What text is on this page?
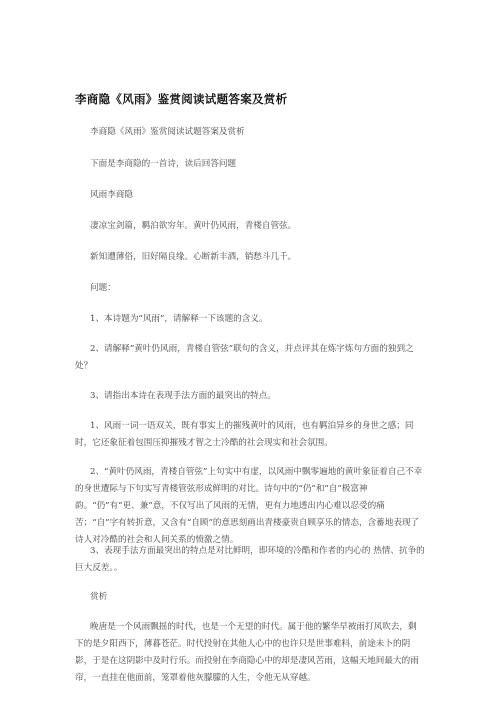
李商隐《风雨》鉴赏阅读试题答案及赏析

李商隐《风雨》鉴赏阅读试题答案及赏析

下面是李商隐的一首诗，读后回答问题

风雨李商隐

凄凉宝剑篇，羁泊欲穷年。黄叶仍风雨，青楼自管弦。

新知遭薄俗，旧好隔良缘。心断新丰酒，销愁斗几千。

问题：

1、本诗题为“风雨”，请解释一下该题的含义。

2、请解释“黄叶仍风雨，青楼自管弦”联句的含义，并点评其在炼字炼句方面的独到之处？

3、请指出本诗在表现手法方面的最突出的特点。

1、风雨一词一语双关，既有事实上的摧残黄叶的风雨，也有羁泊异乡的身世之感；同时，它还象征着包围压抑摧残才智之士冷酷的社会现实和社会氛围。

2、“黄叶仍风雨，青楼自管弦”上句实中有虚，以风雨中飘零遍地的黄叶象征着自己不幸的身世遭际与下句实写青楼管弦形成鲜明的对比。诗句中的“仍”和“自”极富神韵。“仍”有“更、兼”意，不仅写出了风雨的无情，更有力地透出内心难以忍受的痛苦；“自”字有转折意，又含有“自顾”的意思刻画出青楼豪贵自顾享乐的情态，含蓄地表现了诗人对冷酷的社会和人间关系的愤激之情。

3、表现手法方面最突出的特点是对比鲜明，即环境的冷酷和作者的内心的 热情、抗争的巨大反差。。

赏析

晚唐是一个风雨飘摇的时代，也是一个无望的时代。属于他的繁华早被雨打风吹去，剩下的是夕阳西下，薄暮苍茫。时代投射在其他人心中的也许只是世事难料，前途未卜的阴影，于是在这阴影中及时行乐。而投射在李商隐心中的却是凄风苦雨，这幅天地间最大的雨帘，一直挂在他面前，笼罩着他灰朦朦的人生，令他无从穿越。
